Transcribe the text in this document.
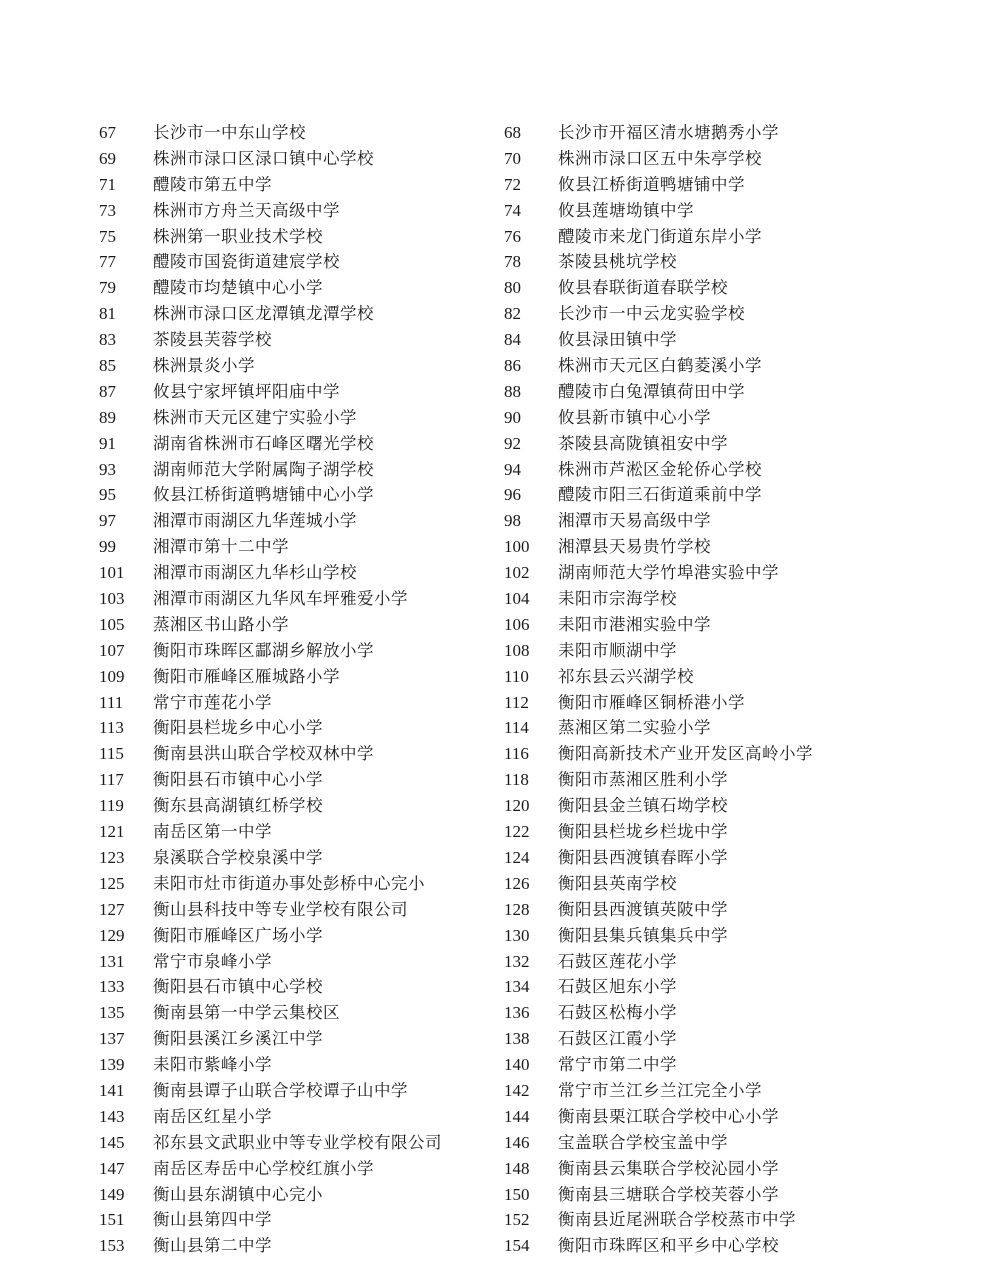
67	长沙市一中东山学校	68	长沙市开福区清水塘鹅秀小学
69	株洲市渌口区渌口镇中心学校	70	株洲市渌口区五中朱亭学校
71	醴陵市第五中学	72	攸县江桥街道鸭塘铺中学
73	株洲市方舟兰天高级中学	74	攸县莲塘坳镇中学
75	株洲第一职业技术学校	76	醴陵市来龙门街道东岸小学
77	醴陵市国瓷街道建宸学校	78	茶陵县桃坑学校
79	醴陵市均楚镇中心小学	80	攸县春联街道春联学校
81	株洲市渌口区龙潭镇龙潭学校	82	长沙市一中云龙实验学校
83	茶陵县芙蓉学校	84	攸县渌田镇中学
85	株洲景炎小学	86	株洲市天元区白鹤菱溪小学
87	攸县宁家坪镇坪阳庙中学	88	醴陵市白兔潭镇荷田中学
89	株洲市天元区建宁实验小学	90	攸县新市镇中心小学
91	湖南省株洲市石峰区曙光学校	92	茶陵县高陇镇祖安中学
93	湖南师范大学附属陶子湖学校	94	株洲市芦淞区金轮侨心学校
95	攸县江桥街道鸭塘铺中心小学	96	醴陵市阳三石街道乘前中学
97	湘潭市雨湖区九华莲城小学	98	湘潭市天易高级中学
99	湘潭市第十二中学	100	湘潭县天易贵竹学校
101	湘潭市雨湖区九华杉山学校	102	湖南师范大学竹埠港实验中学
103	湘潭市雨湖区九华风车坪雅爱小学	104	耒阳市宗海学校
105	蒸湘区书山路小学	106	耒阳市港湘实验中学
107	衡阳市珠晖区酃湖乡解放小学	108	耒阳市顺湖中学
109	衡阳市雁峰区雁城路小学	110	祁东县云兴湖学校
111	常宁市莲花小学	112	衡阳市雁峰区铜桥港小学
113	衡阳县栏垅乡中心小学	114	蒸湘区第二实验小学
115	衡南县洪山联合学校双林中学	116	衡阳高新技术产业开发区高岭小学
117	衡阳县石市镇中心小学	118	衡阳市蒸湘区胜利小学
119	衡东县高湖镇红桥学校	120	衡阳县金兰镇石坳学校
121	南岳区第一中学	122	衡阳县栏垅乡栏垅中学
123	泉溪联合学校泉溪中学	124	衡阳县西渡镇春晖小学
125	耒阳市灶市街道办事处彭桥中心完小	126	衡阳县英南学校
127	衡山县科技中等专业学校有限公司	128	衡阳县西渡镇英陂中学
129	衡阳市雁峰区广场小学	130	衡阳县集兵镇集兵中学
131	常宁市泉峰小学	132	石鼓区莲花小学
133	衡阳县石市镇中心学校	134	石鼓区旭东小学
135	衡南县第一中学云集校区	136	石鼓区松梅小学
137	衡阳县溪江乡溪江中学	138	石鼓区江霞小学
139	耒阳市紫峰小学	140	常宁市第二中学
141	衡南县谭子山联合学校谭子山中学	142	常宁市兰江乡兰江完全小学
143	南岳区红星小学	144	衡南县栗江联合学校中心小学
145	祁东县文武职业中等专业学校有限公司	146	宝盖联合学校宝盖中学
147	南岳区寿岳中心学校红旗小学	148	衡南县云集联合学校沁园小学
149	衡山县东湖镇中心完小	150	衡南县三塘联合学校芙蓉小学
151	衡山县第四中学	152	衡南县近尾洲联合学校蒸市中学
153	衡山县第二中学	154	衡阳市珠晖区和平乡中心学校
